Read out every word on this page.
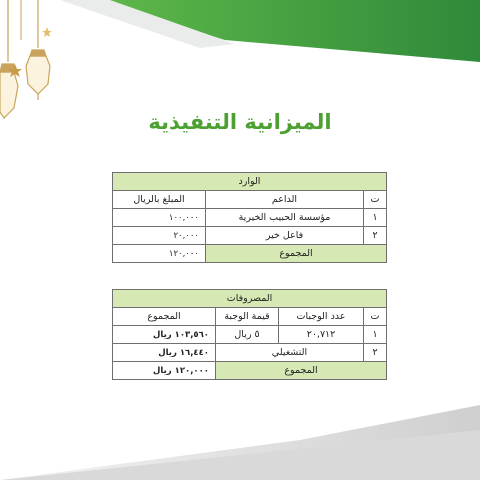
الميزانية التنفيذية
الوارد		
ت	الداعم	المبلغ بالريال
١	مؤسسة الحبيب الخيرية	١٠٠,٠٠٠
٢	فاعل خير	٢٠,٠٠٠
المجموع		١٢٠,٠٠٠
المصروفات			
ت	عدد الوجبات	قيمة الوجبة	المجموع
١	٢٠,٧١٢	٥ ريال	١٠٣,٥٦٠ ريال
٢	التشغيلي		١٦,٤٤٠ ريال
المجموع			١٢٠,٠٠٠ ريال
